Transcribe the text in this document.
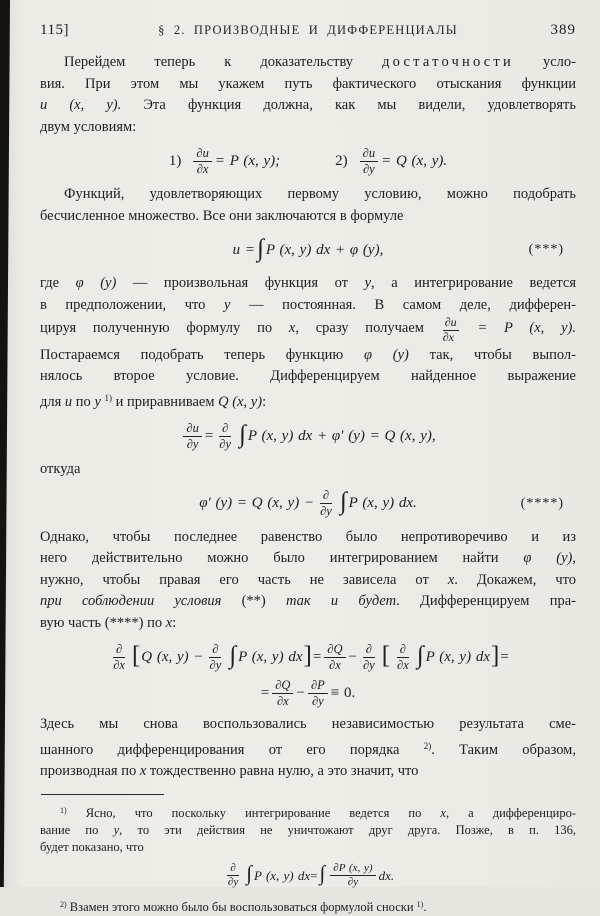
115]	§ 2. ПРОИЗВОДНЫЕ И ДИФФЕРЕНЦИАЛЫ	389
Перейдем теперь к доказательству достаточности усло-
вия. При этом мы укажем путь фактического отыскания функции
u (x, y). Эта функция должна, как мы видели, удовлетворять
двум условиям:
$1) \frac{\partial u}{\partial x} = P$ (x, y);	$2) \frac{\partial u}{\partial y} = Q$ (x, y).
Функций, удовлетворяющих первому условию, можно подобрать
бесчисленное множество. Все они заключаются в формуле
u = ∫ P (x, y) dx + φ (y),	(***)
где φ (y) — произвольная функция от y, а интегрирование ведется
в предположении, что y — постоянная. В самом деле, дифферен-
цируя полученную формулу по x, сразу получаем $\frac{\partial u}{\partial x} = P$ (x, y).
Постараемся подобрать теперь функцию φ (y) так, чтобы выпол-
нялось второе условие. Дифференцируем найденное выражение
для u по y $^{1)}$ и приравниваем Q (x, y):
$\frac{\partial u}{\partial y}$ = ∂
∂y ∫ P (x, y) dx + φ′ (y) = Q (x, y),
откуда
φ′ (y) = Q (x, y) − ∂
∂y ∫ P (x, y) dx.	(****)
Однако, чтобы последнее равенство было непротиворечиво и из
него действительно можно было интегрированием найти φ (y),
нужно, чтобы правая его часть не зависела от x. Докажем, что
при соблюдении условия (**) так и будет. Дифференцируем пра-
вую часть (****) по x:
∂
∂x [ Q (x, y) − ∂
∂y ∫ P (x, y) dx ] = $\frac{\partial Q}{\partial x}$ − ∂
∂y [ ∂
∂x ∫ P (x, y) dx ] =
= $\frac{\partial Q}{\partial x} - \frac{\partial P}{\partial y} \equiv 0$.
Здесь мы снова воспользовались независимостью результата сме-
шанного дифференцирования от его порядка $^{2)}$. Таким образом,
производная по x тождественно равна нулю, а это значит, что
$^{1)}$ Ясно, что поскольку интегрирование ведется по x, а дифференциро-
вание по y, то эти действия не уничтожают друг друга. Позже, в п. 136,
будет показано, что
∂
∂y ∫ P (x, y) dx = ∫ ∂P (x, y)
∂y dx.
$^{2)}$ Взамен этого можно было бы воспользоваться формулой сноски $^{1)}$.
